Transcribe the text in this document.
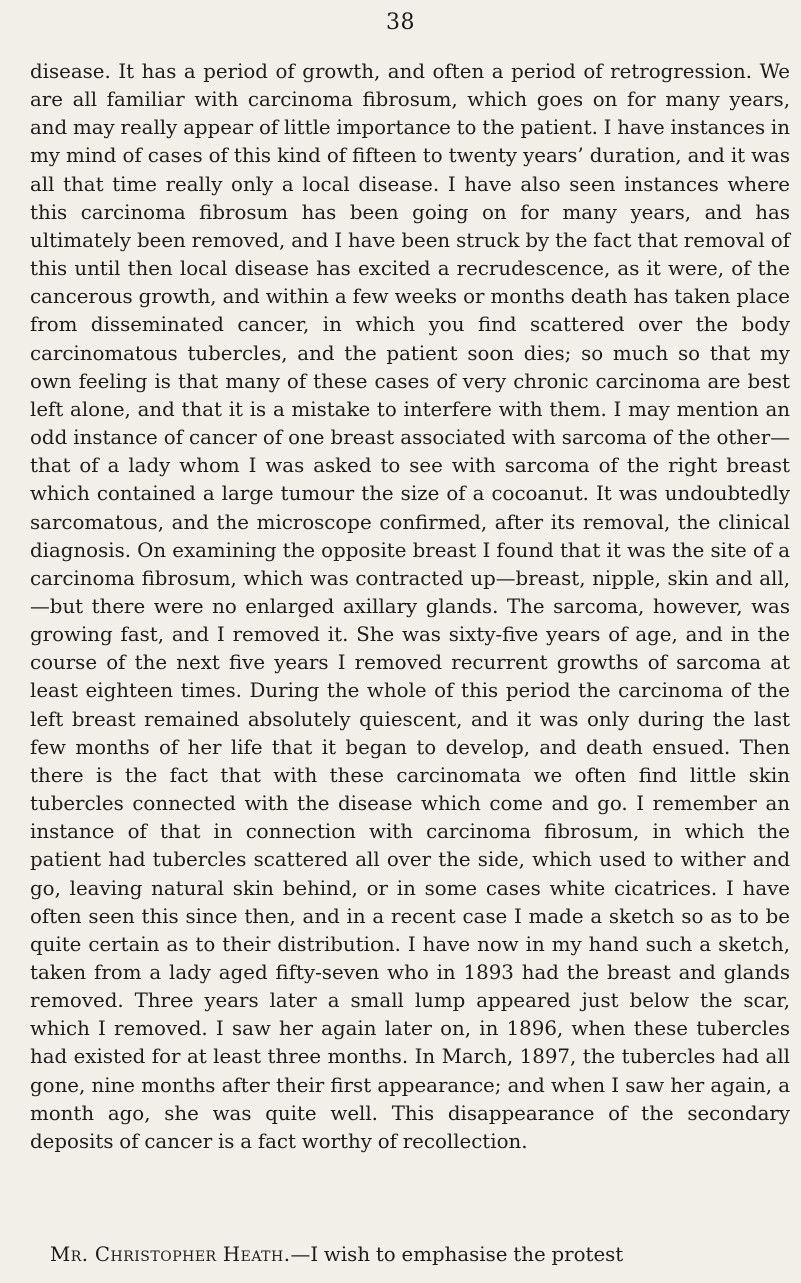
38

disease. It has a period of growth, and often a period of retrogression. We are all familiar with carcinoma fibrosum, which goes on for many years, and may really appear of little importance to the patient. I have instances in my mind of cases of this kind of fifteen to twenty years’ duration, and it was all that time really only a local disease. I have also seen instances where this carcinoma fibrosum has been going on for many years, and has ultimately been removed, and I have been struck by the fact that removal of this until then local disease has excited a recrudescence, as it were, of the cancerous growth, and within a few weeks or months death has taken place from disseminated cancer, in which you find scattered over the body carcinomatous tubercles, and the patient soon dies; so much so that my own feeling is that many of these cases of very chronic carcinoma are best left alone, and that it is a mistake to interfere with them. I may mention an odd instance of cancer of one breast associated with sarcoma of the other—that of a lady whom I was asked to see with sarcoma of the right breast which contained a large tumour the size of a cocoanut. It was undoubtedly sarcomatous, and the microscope confirmed, after its removal, the clinical diagnosis. On examining the opposite breast I found that it was the site of a carcinoma fibrosum, which was contracted up—breast, nipple, skin and all,—but there were no enlarged axillary glands. The sarcoma, however, was growing fast, and I removed it. She was sixty-five years of age, and in the course of the next five years I removed recurrent growths of sarcoma at least eighteen times. During the whole of this period the carcinoma of the left breast remained absolutely quiescent, and it was only during the last few months of her life that it began to develop, and death ensued. Then there is the fact that with these carcinomata we often find little skin tubercles connected with the disease which come and go. I remember an instance of that in connection with carcinoma fibrosum, in which the patient had tubercles scattered all over the side, which used to wither and go, leaving natural skin behind, or in some cases white cicatrices. I have often seen this since then, and in a recent case I made a sketch so as to be quite certain as to their distribution. I have now in my hand such a sketch, taken from a lady aged fifty-seven who in 1893 had the breast and glands removed. Three years later a small lump appeared just below the scar, which I removed. I saw her again later on, in 1896, when these tubercles had existed for at least three months. In March, 1897, the tubercles had all gone, nine months after their first appearance; and when I saw her again, a month ago, she was quite well. This disappearance of the secondary deposits of cancer is a fact worthy of recollection.

Mr. Christopher Heath.—I wish to emphasise the protest
